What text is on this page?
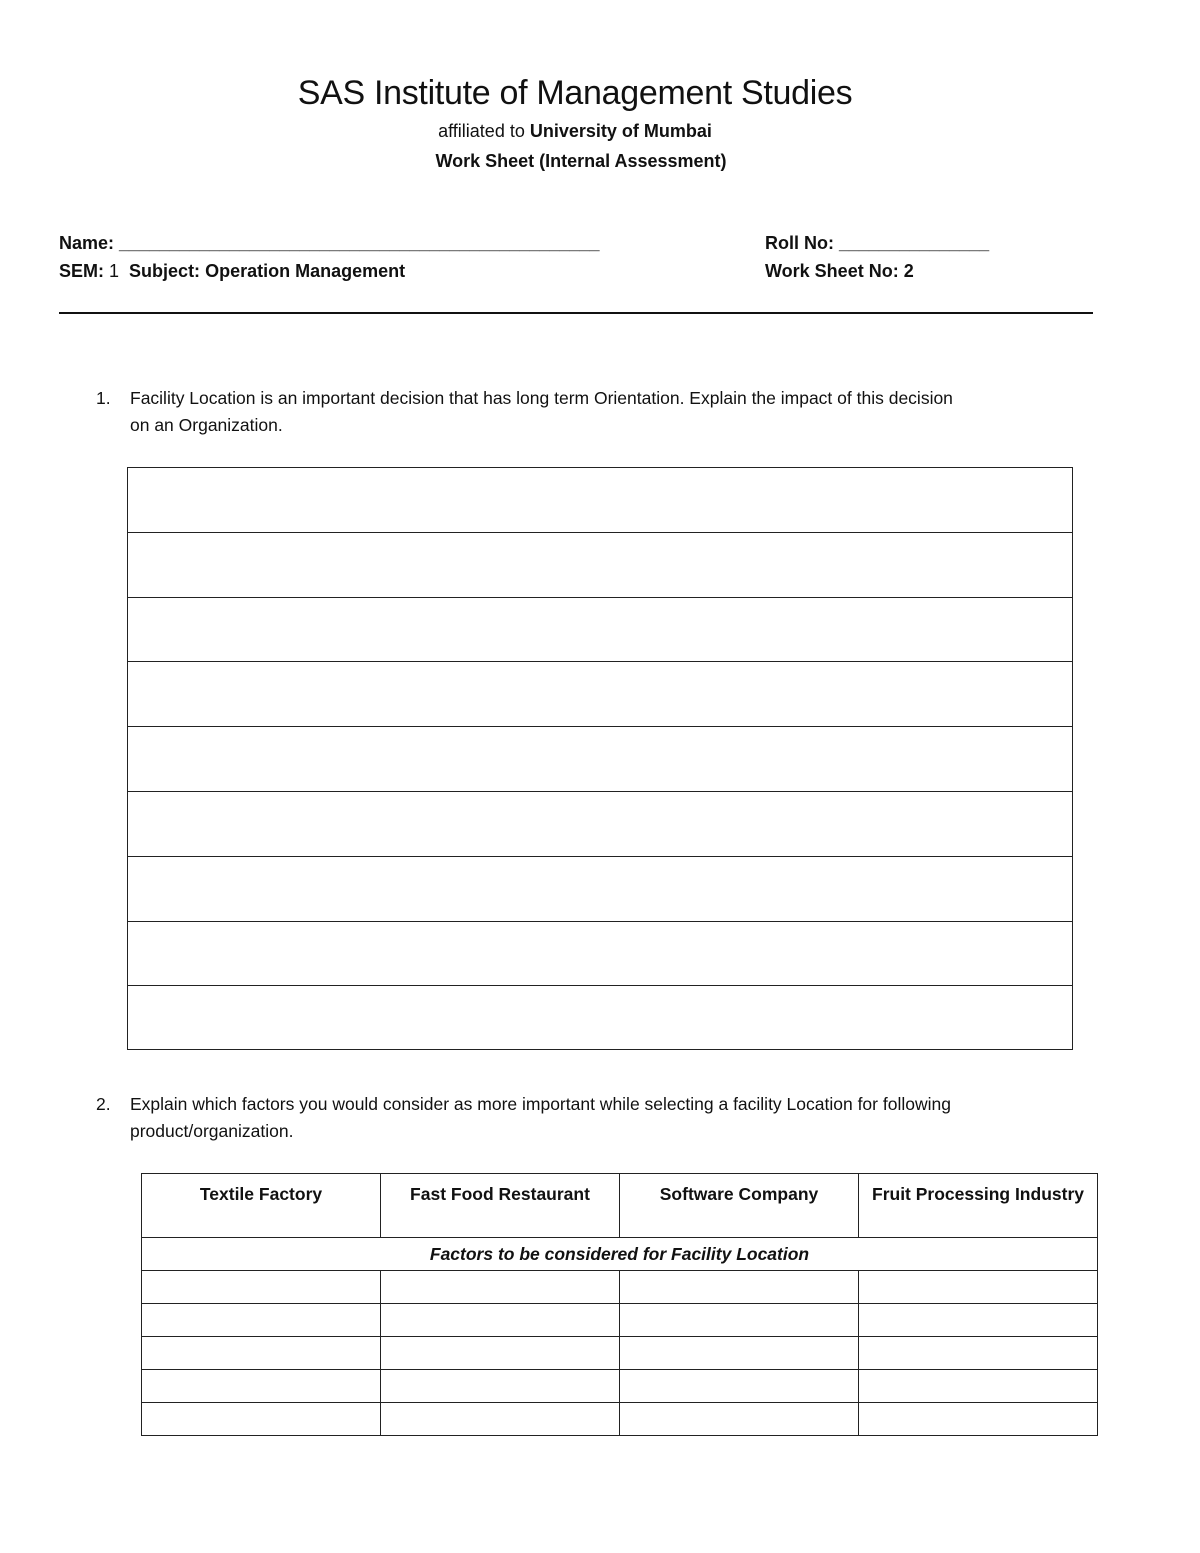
SAS Institute of Management Studies
affiliated to University of Mumbai
Work Sheet (Internal Assessment)
Name: ________________________________________________	Roll No: _______________
SEM: 1 Subject: Operation Management	Work Sheet No: 2
1. Facility Location is an important decision that has long term Orientation. Explain the impact of this decision
on an Organization.
2. Explain which factors you would consider as more important while selecting a facility Location for following
product/organization.
Textile Factory	Fast Food Restaurant	Software Company	Fruit Processing Industry
Factors to be considered for Facility Location			
